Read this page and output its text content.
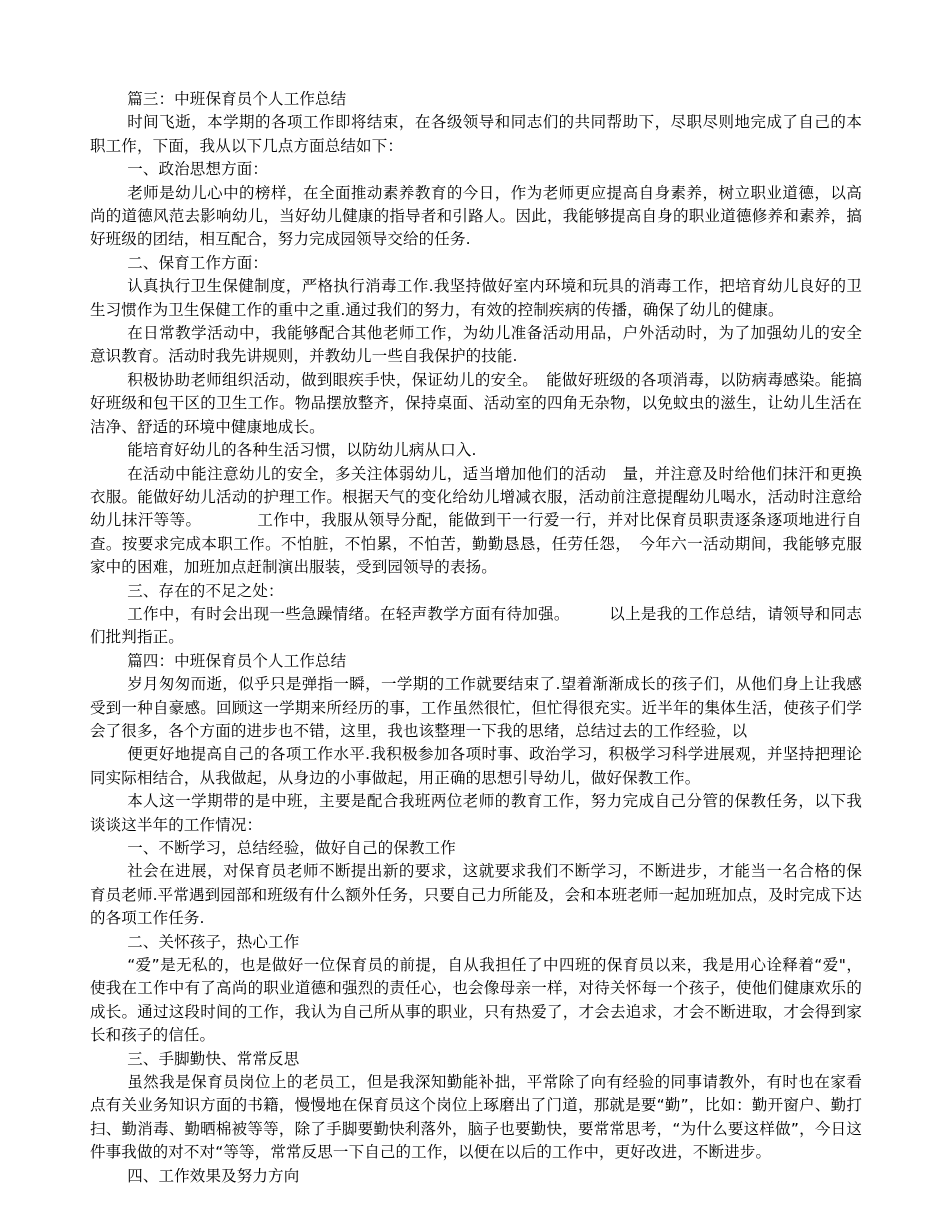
篇三：中班保育员个人工作总结

时间飞逝，本学期的各项工作即将结束，在各级领导和同志们的共同帮助下，尽职尽则地完成了自己的本职工作，下面，我从以下几点方面总结如下：

一、政治思想方面：

老师是幼儿心中的榜样，在全面推动素养教育的今日，作为老师更应提高自身素养，树立职业道德，以高尚的道德风范去影响幼儿，当好幼儿健康的指导者和引路人。因此，我能够提高自身的职业道德修养和素养，搞好班级的团结，相互配合，努力完成园领导交给的任务.

二、保育工作方面：

认真执行卫生保健制度，严格执行消毒工作.我坚持做好室内环境和玩具的消毒工作，把培育幼儿良好的卫生习惯作为卫生保健工作的重中之重.通过我们的努力，有效的控制疾病的传播，确保了幼儿的健康。

在日常教学活动中，我能够配合其他老师工作，为幼儿准备活动用品，户外活动时，为了加强幼儿的安全意识教育。活动时我先讲规则，并教幼儿一些自我保护的技能.

积极协助老师组织活动，做到眼疾手快，保证幼儿的安全。　能做好班级的各项消毒，以防病毒感染。能搞好班级和包干区的卫生工作。物品摆放整齐，保持桌面、活动室的四角无杂物，以免蚊虫的滋生，让幼儿生活在洁净、舒适的环境中健康地成长。

能培育好幼儿的各种生活习惯，以防幼儿病从口入.

在活动中能注意幼儿的安全，多关注体弱幼儿，适当增加他们的活动　量，并注意及时给他们抹汗和更换衣服。能做好幼儿活动的护理工作。根据天气的变化给幼儿增减衣服，活动前注意提醒幼儿喝水，活动时注意给幼儿抹汗等等。　　　　工作中，我服从领导分配，能做到干一行爱一行，并对比保育员职责逐条逐项地进行自查。按要求完成本职工作。不怕脏，不怕累，不怕苦，勤勤恳恳，任劳任怨，　今年六一活动期间，我能够克服家中的困难，加班加点赶制演出服装，受到园领导的表扬。

三、存在的不足之处：

工作中，有时会出现一些急躁情绪。在轻声教学方面有待加强。　　　以上是我的工作总结，请领导和同志们批判指正。

篇四：中班保育员个人工作总结

岁月匆匆而逝，似乎只是弹指一瞬，一学期的工作就要结束了.望着渐渐成长的孩子们，从他们身上让我感受到一种自豪感。回顾这一学期来所经历的事，工作虽然很忙，但忙得很充实。近半年的集体生活，使孩子们学会了很多，各个方面的进步也不错，这里，我也该整理一下我的思绪，总结过去的工作经验，以

便更好地提高自己的各项工作水平.我积极参加各项时事、政治学习，积极学习科学进展观，并坚持把理论同实际相结合，从我做起，从身边的小事做起，用正确的思想引导幼儿，做好保教工作。

本人这一学期带的是中班，主要是配合我班两位老师的教育工作，努力完成自己分管的保教任务，以下我谈谈这半年的工作情况：

一、不断学习，总结经验，做好自己的保教工作

社会在进展，对保育员老师不断提出新的要求，这就要求我们不断学习，不断进步，才能当一名合格的保育员老师.平常遇到园部和班级有什么额外任务，只要自己力所能及，会和本班老师一起加班加点，及时完成下达的各项工作任务.

二、关怀孩子，热心工作

“爱”是无私的，也是做好一位保育员的前提，自从我担任了中四班的保育员以来，我是用心诠释着“爱"，使我在工作中有了高尚的职业道德和强烈的责任心，也会像母亲一样，对待关怀每一个孩子，使他们健康欢乐的成长。通过这段时间的工作，我认为自己所从事的职业，只有热爱了，才会去追求，才会不断进取，才会得到家长和孩子的信任。

三、手脚勤快、常常反思

虽然我是保育员岗位上的老员工，但是我深知勤能补拙，平常除了向有经验的同事请教外，有时也在家看点有关业务知识方面的书籍，慢慢地在保育员这个岗位上琢磨出了门道，那就是要“勤”，比如：勤开窗户、勤打扫、勤消毒、勤晒棉被等等，除了手脚要勤快利落外，脑子也要勤快，要常常思考，“为什么要这样做”，今日这件事我做的对不对“等等，常常反思一下自己的工作，以便在以后的工作中，更好改进，不断进步。

四、工作效果及努力方向
